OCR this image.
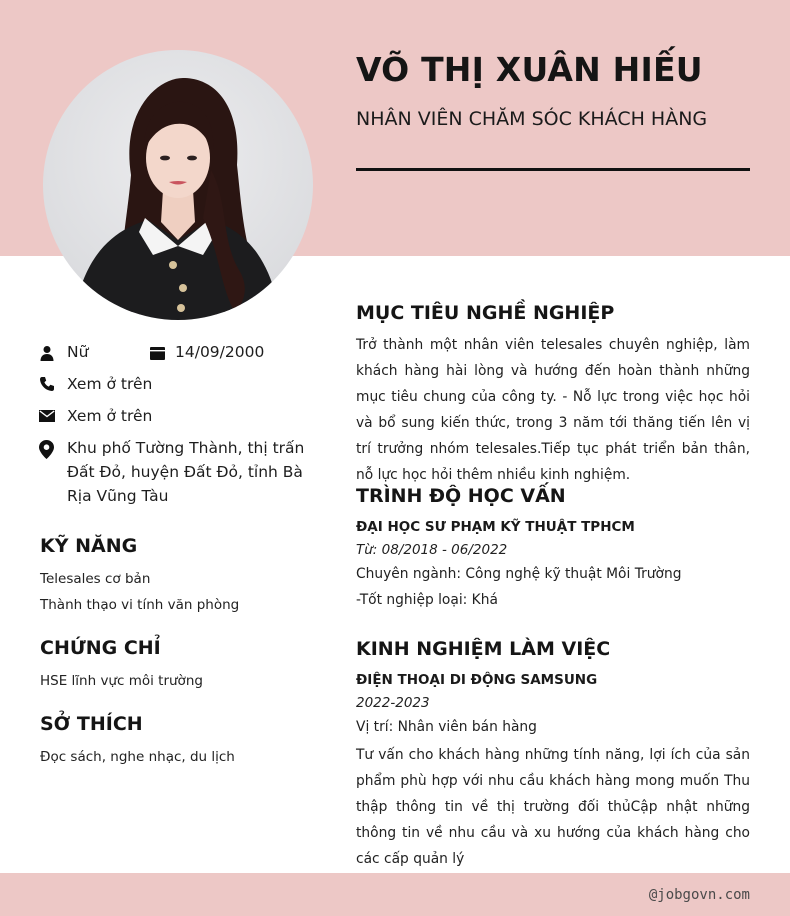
VÕ THỊ XUÂN HIẾU
NHÂN VIÊN CHĂM SÓC KHÁCH HÀNG
Nữ	14/09/2000
Xem ở trên
Xem ở trên
Khu phố Tường Thành, thị trấn Đất Đỏ, huyện Đất Đỏ, tỉnh Bà Rịa Vũng Tàu
KỸ NĂNG
Telesales cơ bản
Thành thạo vi tính văn phòng
CHỨNG CHỈ
HSE lĩnh vực môi trường
SỞ THÍCH
Đọc sách, nghe nhạc, du lịch
MỤC TIÊU NGHỀ NGHIỆP
Trở thành một nhân viên telesales chuyên nghiệp, làm khách hàng hài lòng và hướng đến hoàn thành những mục tiêu chung của công ty. - Nỗ lực trong việc học hỏi và bổ sung kiến thức, trong 3 năm tới thăng tiến lên vị trí trưởng nhóm telesales.Tiếp tục phát triển bản thân, nỗ lực học hỏi thêm nhiều kinh nghiệm.
TRÌNH ĐỘ HỌC VẤN
ĐẠI HỌC SƯ PHẠM KỸ THUẬT TPHCM
Từ: 08/2018 - 06/2022
Chuyên ngành: Công nghệ kỹ thuật Môi Trường
-Tốt nghiệp loại: Khá
KINH NGHIỆM LÀM VIỆC
ĐIỆN THOẠI DI ĐỘNG SAMSUNG
2022-2023
Vị trí: Nhân viên bán hàng
Tư vấn cho khách hàng những tính năng, lợi ích của sản phẩm phù hợp với nhu cầu khách hàng mong muốn Thu thập thông tin về thị trường đối thủCập nhật những thông tin về nhu cầu và xu hướng của khách hàng cho các cấp quản lý
@jobgovn.com
